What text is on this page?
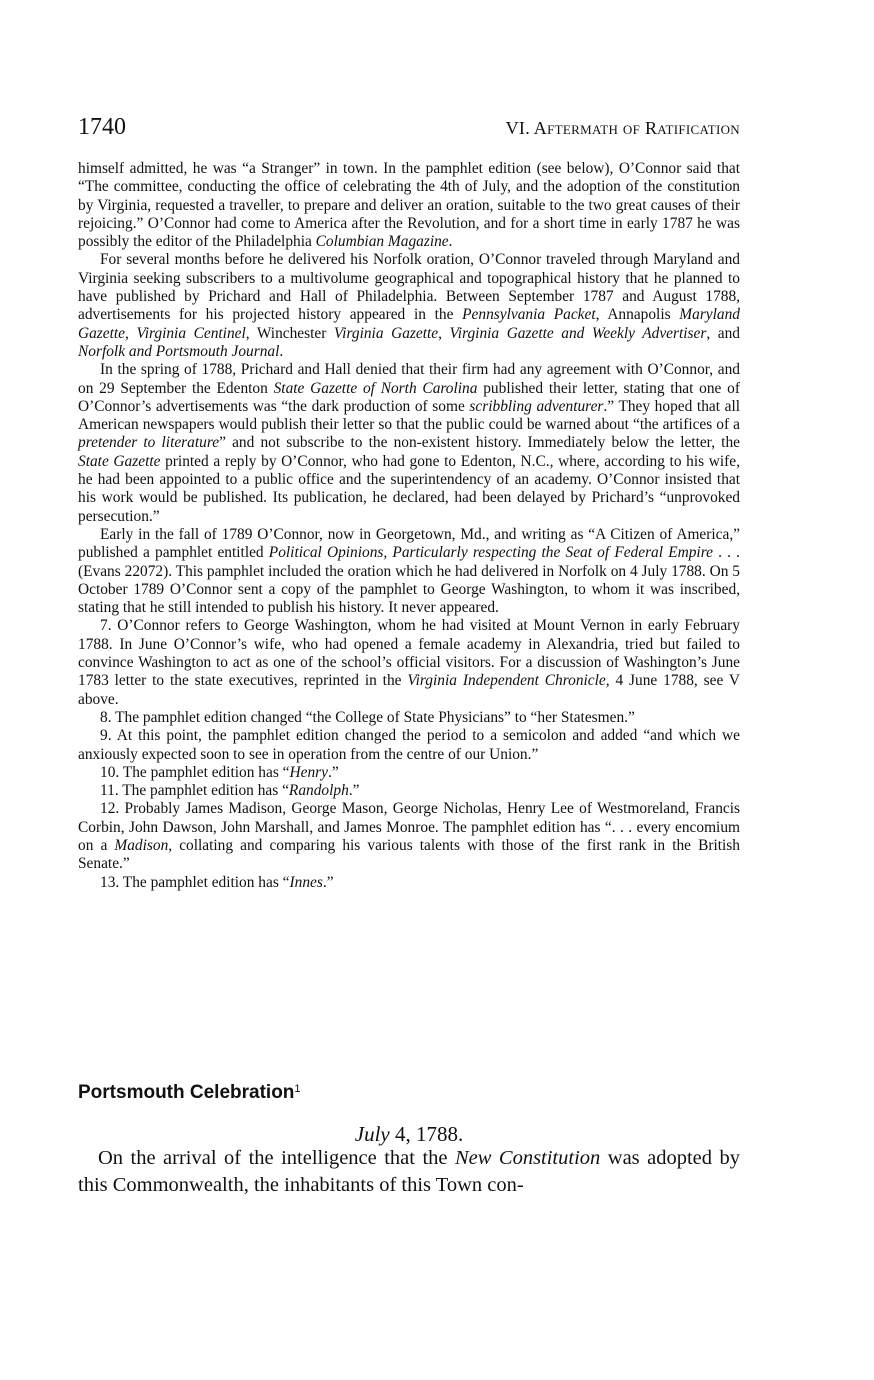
1740	VI. Aftermath of Ratification

himself admitted, he was “a Stranger” in town. In the pamphlet edition (see below), O’Connor said that “The committee, conducting the office of celebrating the 4th of July, and the adoption of the constitution by Virginia, requested a traveller, to prepare and deliver an oration, suitable to the two great causes of their rejoicing.” O’Connor had come to America after the Revolution, and for a short time in early 1787 he was possibly the editor of the Philadelphia Columbian Magazine.

For several months before he delivered his Norfolk oration, O’Connor traveled through Maryland and Virginia seeking subscribers to a multivolume geographical and topographical history that he planned to have published by Prichard and Hall of Philadelphia. Between September 1787 and August 1788, advertisements for his projected history appeared in the Pennsylvania Packet, Annapolis Maryland Gazette, Virginia Centinel, Winchester Virginia Gazette, Virginia Gazette and Weekly Advertiser, and Norfolk and Portsmouth Journal.

In the spring of 1788, Prichard and Hall denied that their firm had any agreement with O’Connor, and on 29 September the Edenton State Gazette of North Carolina published their letter, stating that one of O’Connor’s advertisements was “the dark production of some scribbling adventurer.” They hoped that all American newspapers would publish their letter so that the public could be warned about “the artifices of a pretender to literature” and not subscribe to the non-existent history. Immediately below the letter, the State Gazette printed a reply by O’Connor, who had gone to Edenton, N.C., where, according to his wife, he had been appointed to a public office and the superintendency of an academy. O’Connor insisted that his work would be published. Its publication, he declared, had been delayed by Prichard’s “unprovoked persecution.”

Early in the fall of 1789 O’Connor, now in Georgetown, Md., and writing as “A Citizen of America,” published a pamphlet entitled Political Opinions, Particularly respecting the Seat of Federal Empire . . . (Evans 22072). This pamphlet included the oration which he had delivered in Norfolk on 4 July 1788. On 5 October 1789 O’Connor sent a copy of the pamphlet to George Washington, to whom it was inscribed, stating that he still intended to publish his history. It never appeared.

7. O’Connor refers to George Washington, whom he had visited at Mount Vernon in early February 1788. In June O’Connor’s wife, who had opened a female academy in Alexandria, tried but failed to convince Washington to act as one of the school’s official visitors. For a discussion of Washington’s June 1783 letter to the state executives, reprinted in the Virginia Independent Chronicle, 4 June 1788, see V above.

8. The pamphlet edition changed “the College of State Physicians” to “her Statesmen.”

9. At this point, the pamphlet edition changed the period to a semicolon and added “and which we anxiously expected soon to see in operation from the centre of our Union.”

10. The pamphlet edition has “Henry.”

11. The pamphlet edition has “Randolph.”

12. Probably James Madison, George Mason, George Nicholas, Henry Lee of Westmoreland, Francis Corbin, John Dawson, John Marshall, and James Monroe. The pamphlet edition has “. . . every encomium on a Madison, collating and comparing his various talents with those of the first rank in the British Senate.”

13. The pamphlet edition has “Innes.”

Portsmouth Celebration$^1$
July 4, 1788.

On the arrival of the intelligence that the New Constitution was adopted by this Commonwealth, the inhabitants of this Town con-
